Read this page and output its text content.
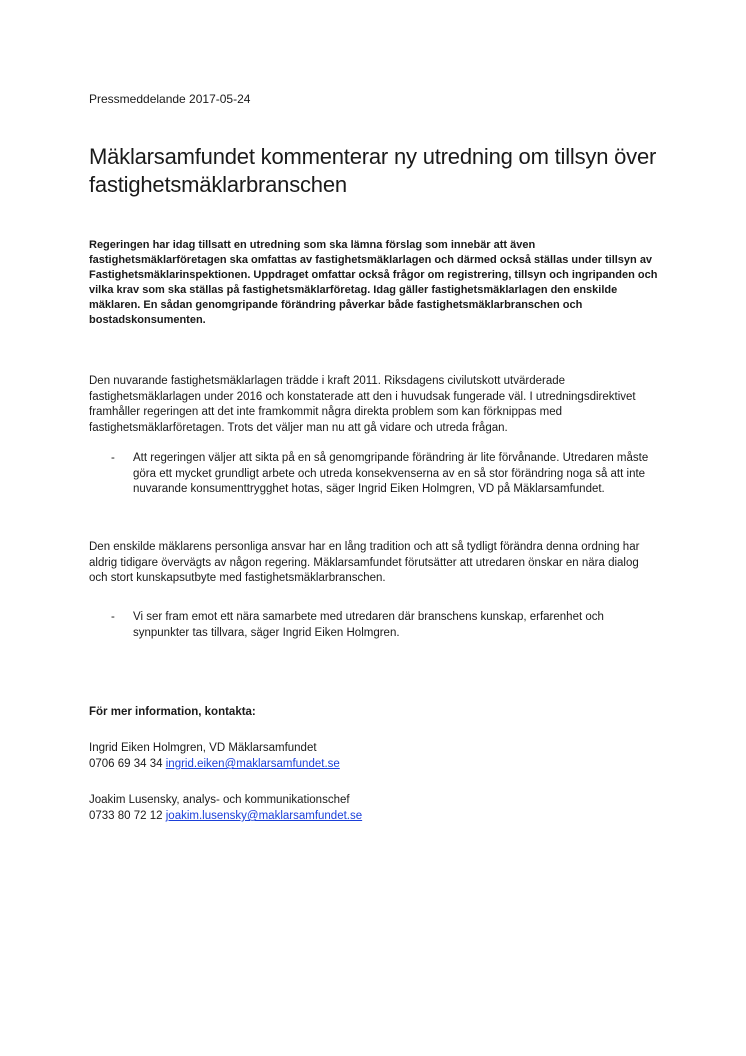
Pressmeddelande 2017-05-24
Mäklarsamfundet kommenterar ny utredning om tillsyn över fastighetsmäklarbranschen

Regeringen har idag tillsatt en utredning som ska lämna förslag som innebär att även fastighetsmäklarföretagen ska omfattas av fastighetsmäklarlagen och därmed också ställas under tillsyn av Fastighetsmäklarinspektionen. Uppdraget omfattar också frågor om registrering, tillsyn och ingripanden och vilka krav som ska ställas på fastighetsmäklarföretag. Idag gäller fastighetsmäklarlagen den enskilde mäklaren. En sådan genomgripande förändring påverkar både fastighetsmäklarbranschen och bostadskonsumenten.

Den nuvarande fastighetsmäklarlagen trädde i kraft 2011. Riksdagens civilutskott utvärderade fastighetsmäklarlagen under 2016 och konstaterade att den i huvudsak fungerade väl. I utredningsdirektivet framhåller regeringen att det inte framkommit några direkta problem som kan förknippas med fastighetsmäklarföretagen. Trots det väljer man nu att gå vidare och utreda frågan.

- Att regeringen väljer att sikta på en så genomgripande förändring är lite förvånande. Utredaren måste göra ett mycket grundligt arbete och utreda konsekvenserna av en så stor förändring noga så att inte nuvarande konsumenttrygghet hotas, säger Ingrid Eiken Holmgren, VD på Mäklarsamfundet.

Den enskilde mäklarens personliga ansvar har en lång tradition och att så tydligt förändra denna ordning har aldrig tidigare övervägts av någon regering. Mäklarsamfundet förutsätter att utredaren önskar en nära dialog och stort kunskapsutbyte med fastighetsmäklarbranschen.

- Vi ser fram emot ett nära samarbete med utredaren där branschens kunskap, erfarenhet och synpunkter tas tillvara, säger Ingrid Eiken Holmgren.

För mer information, kontakta:
Ingrid Eiken Holmgren, VD Mäklarsamfundet
0706 69 34 34 ingrid.eiken@maklarsamfundet.se
Joakim Lusensky, analys- och kommunikationschef
0733 80 72 12 joakim.lusensky@maklarsamfundet.se
